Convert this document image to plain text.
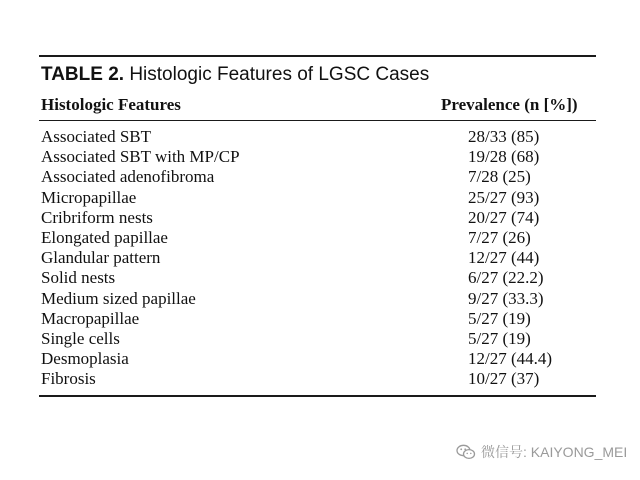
TABLE 2. Histologic Features of LGSC Cases
Histologic Features	Prevalence (n [%])
Associated SBT	28/33 (85)
Associated SBT with MP/CP	19/28 (68)
Associated adenofibroma	7/28 (25)
Micropapillae	25/27 (93)
Cribriform nests	20/27 (74)
Elongated papillae	7/27 (26)
Glandular pattern	12/27 (44)
Solid nests	6/27 (22.2)
Medium sized papillae	9/27 (33.3)
Macropapillae	5/27 (19)
Single cells	5/27 (19)
Desmoplasia	12/27 (44.4)
Fibrosis	10/27 (37)
微信号: KAIYONG_MEI
